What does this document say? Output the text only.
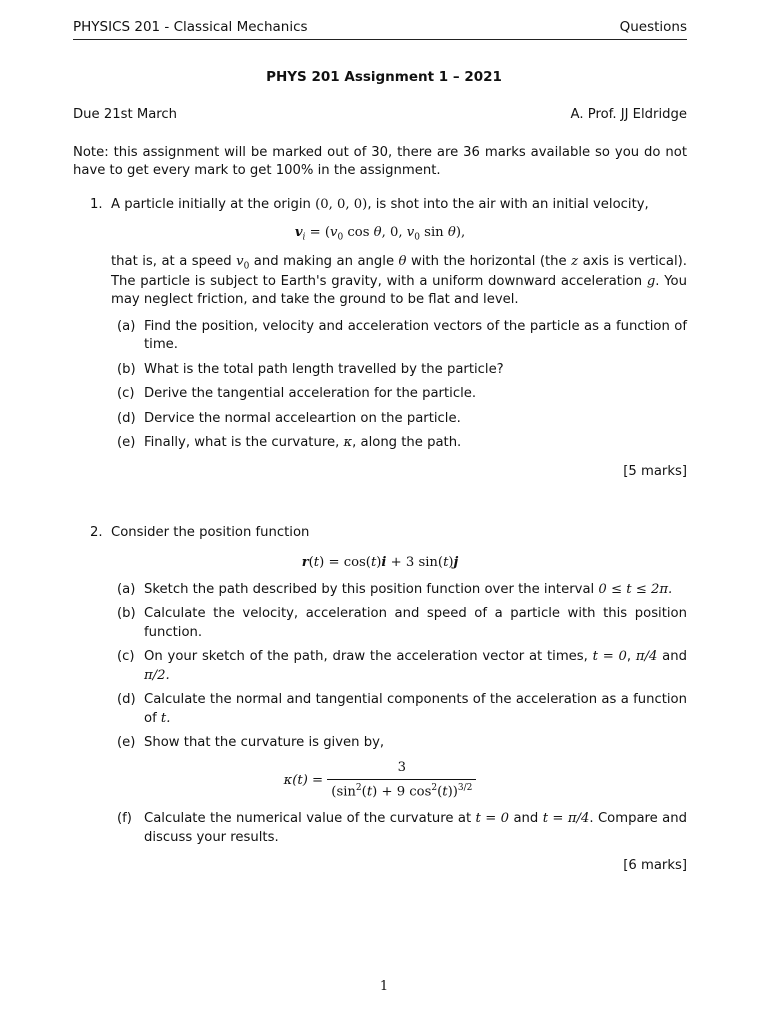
PHYSICS 201 - Classical Mechanics	Questions
PHYS 201 Assignment 1 – 2021
Due 21st March	A. Prof. JJ Eldridge
Note: this assignment will be marked out of 30, there are 36 marks available so you do not have to get every mark to get 100% in the assignment.
1. A particle initially at the origin (0, 0, 0), is shot into the air with an initial velocity,
$v_i = (v_0$ cos θ, 0, $v_0$ sin θ),
that is, at a speed $v_0$ and making an angle θ with the horizontal (the z axis is vertical). The particle is subject to Earth's gravity, with a uniform downward acceleration g. You may neglect friction, and take the ground to be flat and level.
(a) Find the position, velocity and acceleration vectors of the particle as a function of time.
(b) What is the total path length travelled by the particle?
(c) Derive the tangential acceleration for the particle.
(d) Dervice the normal acceleartion on the particle.
(e) Finally, what is the curvature, κ, along the path.
[5 marks]
2. Consider the position function
r(t) = cos(t)i + 3 sin(t)j
(a) Sketch the path described by this position function over the interval 0 ≤ t ≤ 2π.
(b) Calculate the velocity, acceleration and speed of a particle with this position function.
(c) On your sketch of the path, draw the acceleration vector at times, t = 0, π/4 and π/2.
(d) Calculate the normal and tangential components of the acceleration as a function of t.
(e) Show that the curvature is given by,
$\kappa(t) = \frac{3}{(\sin^2(t) + 9 \cos^2(t))^{3/2}}$
(f) Calculate the numerical value of the curvature at t = 0 and t = π/4. Compare and discuss your results.
[6 marks]
1
